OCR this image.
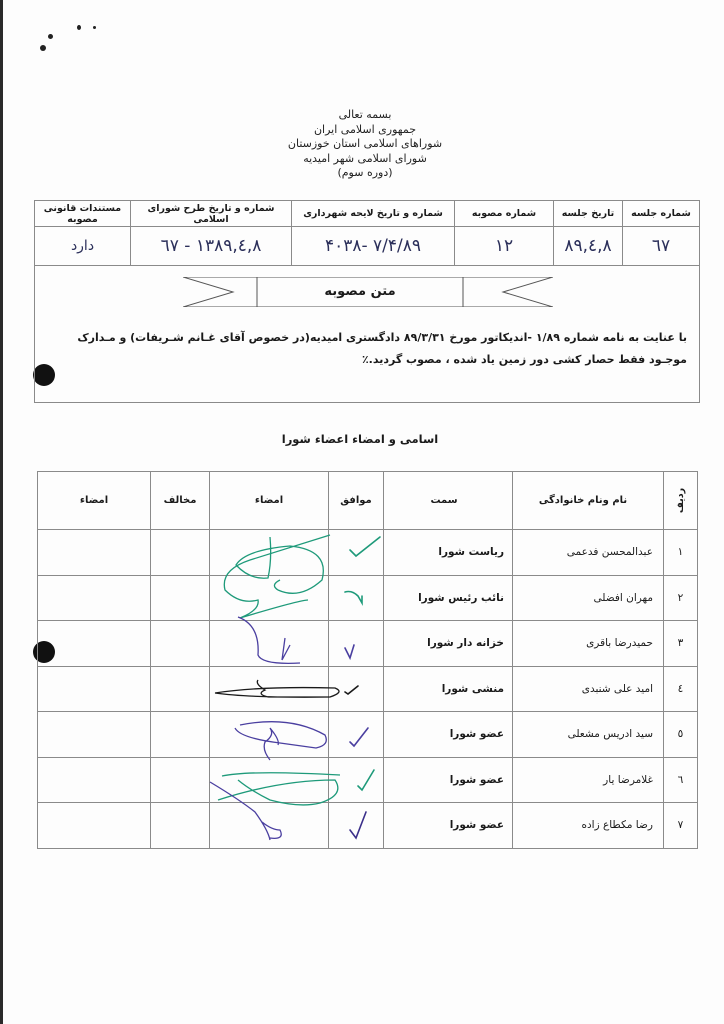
بسمه تعالی
جمهوری اسلامی ایران
شوراهای اسلامی استان خوزستان
شورای اسلامی شهر امیدیه
(دوره سوم)
شماره جلسه	تاریخ جلسه	شماره مصوبه	شماره و تاریخ لایحه شهرداری	شماره و تاریخ طرح شورای اسلامی	مستندات قانونی مصوبه
٦٧	٨٩,٤,٨	١٢	٨٩/۴/٧ -۴٠٣٨	١٣٨٩,٤,٨ - ٦٧	دارد
متن مصوبه
با عنایت به نامه شماره ۱/۸۹ -اندیکاتور مورخ ۸۹/۳/۳۱ دادگستری امیدیه(در خصوص آقای غـانم شـریفات) و مـدارک موجـود فقط حصار کشی دور زمین یاد شده ، مصوب گردید.٪
اسامی و امضاء اعضاء شورا
ردیف	نام ونام خانوادگی	سمت	موافق	امضاء	مخالف	امضاء
١	عبدالمحسن فدعمی	ریاست شورا				
٢	مهران افضلی	نائب رئیس شورا				
٣	حمیدرضا باقری	خزانه دار شورا				
٤	امید علی شنبدی	منشی شورا				
٥	سید ادریس مشعلی	عضو شورا				
٦	غلامرضا یار	عضو شورا				
٧	رضا مکطاع زاده	عضو شورا				
